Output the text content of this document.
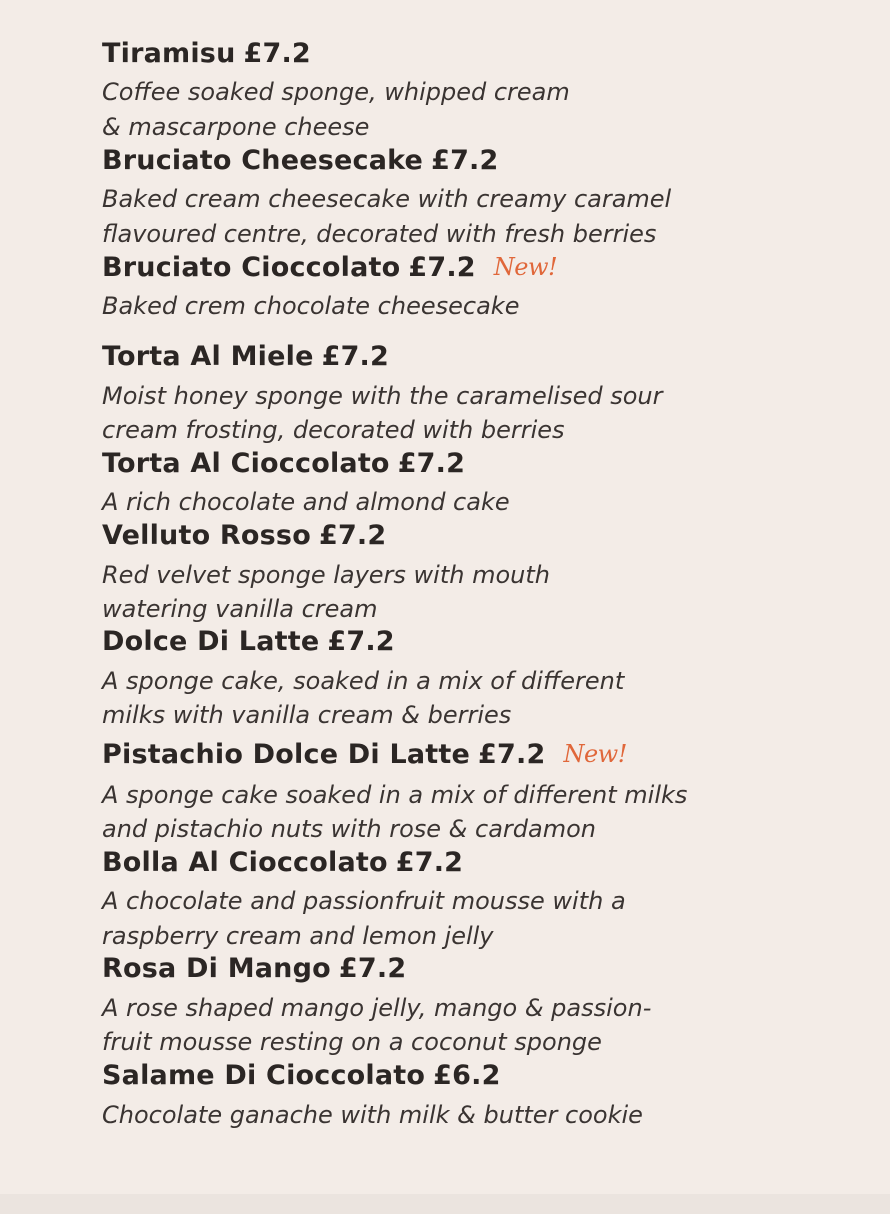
Tiramisu £7.2
Coffee soaked sponge, whipped cream
& mascarpone cheese
Bruciato Cheesecake £7.2
Baked cream cheesecake with creamy caramel
flavoured centre, decorated with fresh berries
Bruciato Cioccolato £7.2 New!
Baked crem chocolate cheesecake
Torta Al Miele £7.2
Moist honey sponge with the caramelised sour
cream frosting, decorated with berries
Torta Al Cioccolato £7.2
A rich chocolate and almond cake
Velluto Rosso £7.2
Red velvet sponge layers with mouth
watering vanilla cream
Dolce Di Latte £7.2
A sponge cake, soaked in a mix of different
milks with vanilla cream & berries
Pistachio Dolce Di Latte £7.2 New!
A sponge cake soaked in a mix of different milks
and pistachio nuts with rose & cardamon
Bolla Al Cioccolato £7.2
A chocolate and passionfruit mousse with a
raspberry cream and lemon jelly
Rosa Di Mango £7.2
A rose shaped mango jelly, mango & passion-
fruit mousse resting on a coconut sponge
Salame Di Cioccolato £6.2
Chocolate ganache with milk & butter cookie
